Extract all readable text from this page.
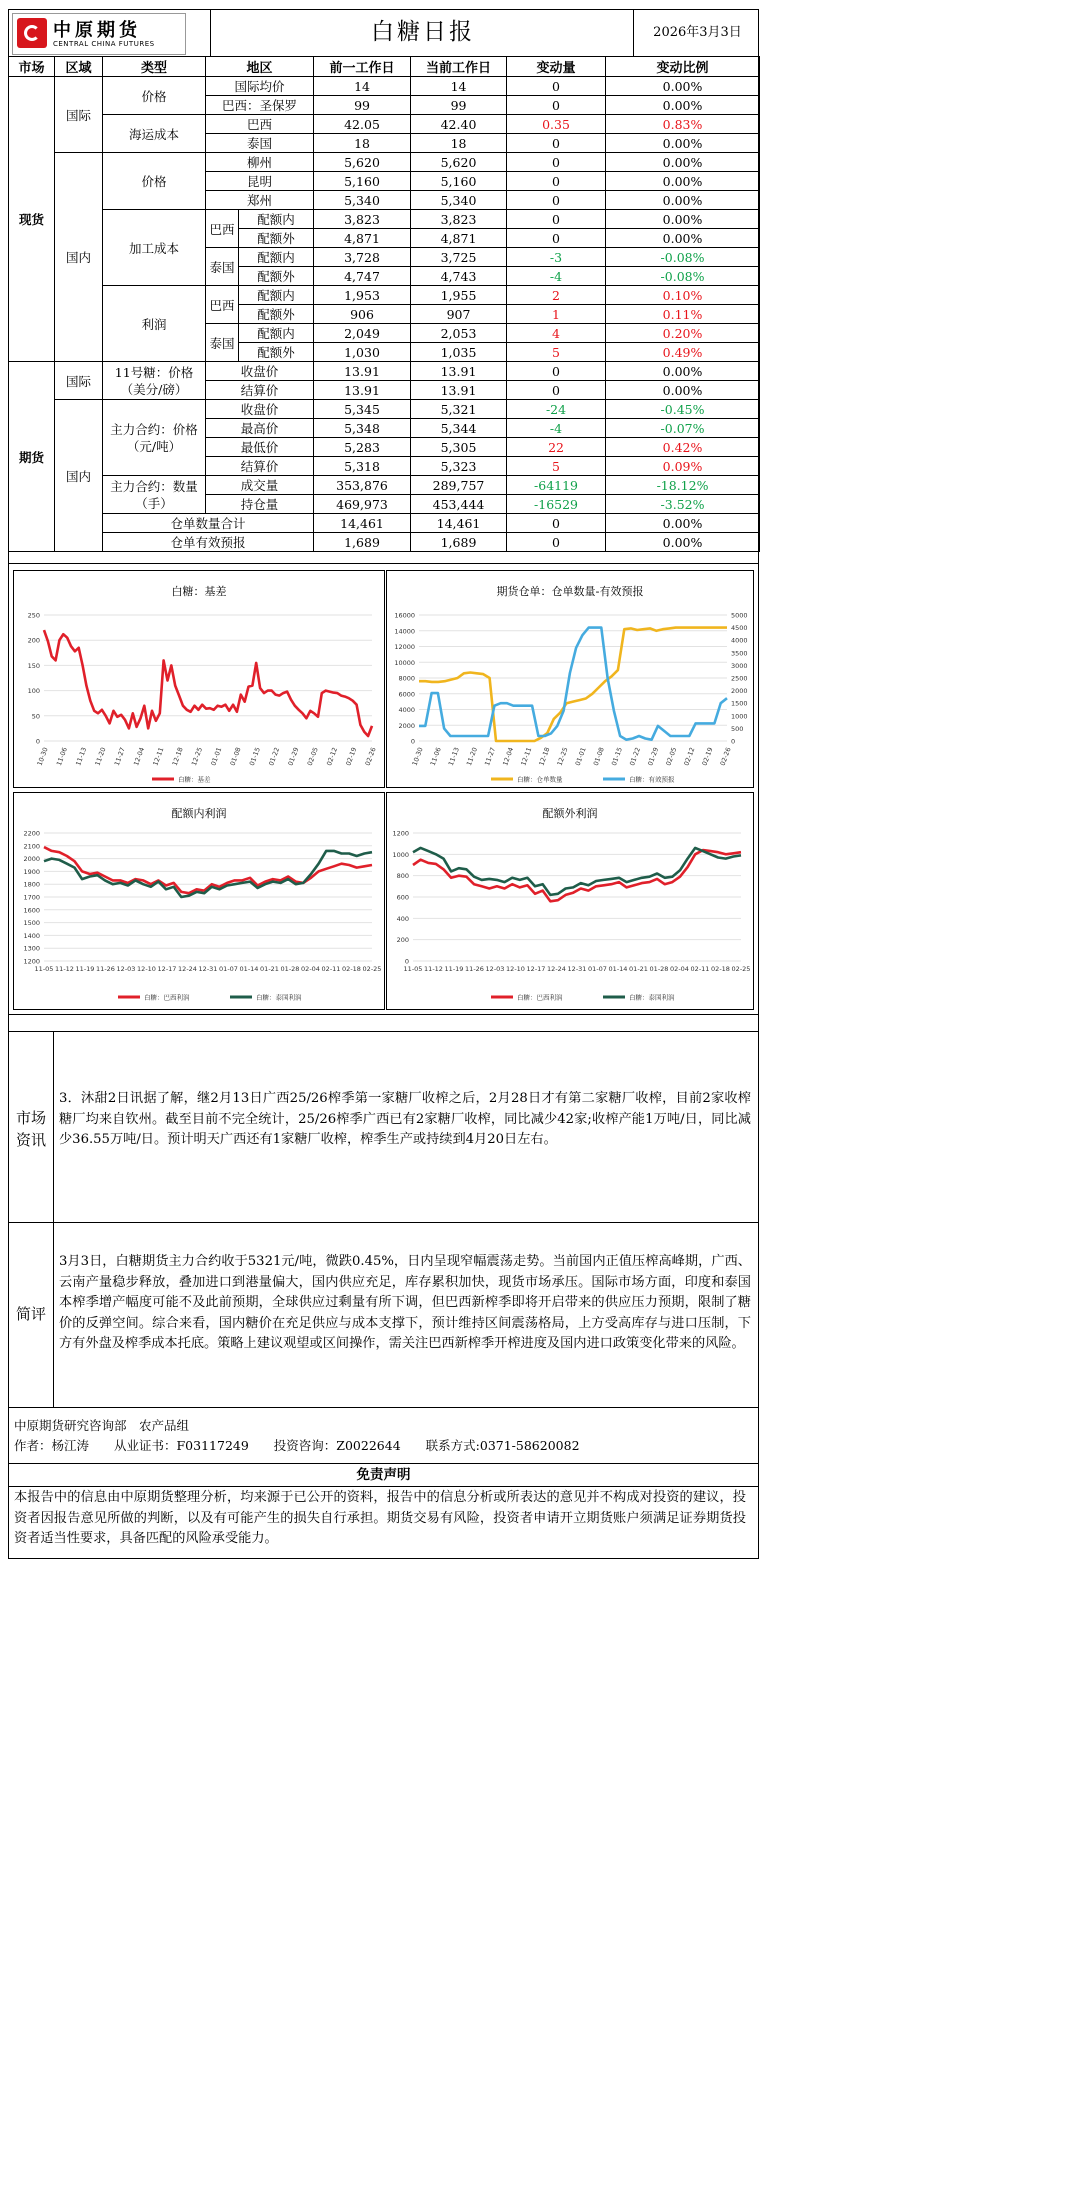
中原期货
CENTRAL CHINA FUTURES	白糖日报	2026年3月3日
市场	区域	类型	地区		前一工作日	当前工作日	变动量	变动比例
现货	国际	价格	国际均价		14	14	0	0.00%
			巴西：圣保罗		99	99	0	0.00%
		海运成本	巴西		42.05	42.40	0.35	0.83%
			泰国		18	18	0	0.00%
	国内	价格	柳州		5,620	5,620	0	0.00%
			昆明		5,160	5,160	0	0.00%
			郑州		5,340	5,340	0	0.00%
		加工成本	巴西	配额内	3,823	3,823	0	0.00%
				配额外	4,871	4,871	0	0.00%
			泰国	配额内	3,728	3,725	-3	-0.08%
				配额外	4,747	4,743	-4	-0.08%
		利润	巴西	配额内	1,953	1,955	2	0.10%
				配额外	906	907	1	0.11%
			泰国	配额内	2,049	2,053	4	0.20%
				配额外	1,030	1,035	5	0.49%
期货	国际	11号糖：价格（美分/磅）	收盘价		13.91	13.91	0	0.00%
			结算价		13.91	13.91	0	0.00%
	国内	主力合约：价格（元/吨）	收盘价		5,345	5,321	-24	-0.45%
			最高价		5,348	5,344	-4	-0.07%
			最低价		5,283	5,305	22	0.42%
			结算价		5,318	5,323	5	0.09%
		主力合约：数量（手）	成交量		353,876	289,757	-64119	-18.12%
			持仓量		469,973	453,444	-16529	-3.52%
		仓单数量合计			14,461	14,461	0	0.00%
		仓单有效预报			1,689	1,689	0	0.00%
白糖：基差
0
50
100
150
200
250
10-30 11-06 11-13 11-20 11-27 12-04 12-11 12-18 12-25 01-01 01-08 01-15 01-22 01-29 02-05 02-12 02-19 02-26
白糖：基差
期货仓单：仓单数量-有效预报
0
2000
4000
6000
8000
10000
12000
14000
16000
0
500
1000
1500
2000
2500
3000
3500
4000
4500
5000
10-30 11-06 11-13 11-20 11-27 12-04 12-11 12-18 12-25 01-01 01-08 01-15 01-22 01-29 02-05 02-12 02-19 02-26
白糖：仓单数量	白糖：有效预报
配额内利润
1200
1300
1400
1500
1600
1700
1800
1900
2000
2100
2200
11-05 11-12 11-19 11-26 12-03 12-10 12-17 12-24 12-31 01-07 01-14 01-21 01-28 02-04 02-11 02-18 02-25
白糖：巴西利润	白糖：泰国利润
配额外利润
0
200
400
600
800
1000
1200
11-05 11-12 11-19 11-26 12-03 12-10 12-17 12-24 12-31 01-07 01-14 01-21 01-28 02-04 02-11 02-18 02-25
白糖：巴西利润	白糖：泰国利润
市场
资讯
3．沐甜2日讯据了解，继2月13日广西25/26榨季第一家糖厂收榨之后，2月28日才有第二家糖厂收榨，目前2家收榨糖厂均来自钦州。截至目前不完全统计，25/26榨季广西已有2家糖厂收榨，同比减少42家;收榨产能1万吨/日，同比减少36.55万吨/日。预计明天广西还有1家糖厂收榨，榨季生产或持续到4月20日左右。
简评
3月3日，白糖期货主力合约收于5321元/吨，微跌0.45%，日内呈现窄幅震荡走势。当前国内正值压榨高峰期，广西、云南产量稳步释放，叠加进口到港量偏大，国内供应充足，库存累积加快，现货市场承压。国际市场方面，印度和泰国本榨季增产幅度可能不及此前预期，全球供应过剩量有所下调，但巴西新榨季即将开启带来的供应压力预期，限制了糖价的反弹空间。综合来看，国内糖价在充足供应与成本支撑下，预计维持区间震荡格局，上方受高库存与进口压制，下方有外盘及榨季成本托底。策略上建议观望或区间操作，需关注巴西新榨季开榨进度及国内进口政策变化带来的风险。
中原期货研究咨询部　农产品组
作者：杨江涛　　从业证书：F03117249　　投资咨询：Z0022644　　联系方式:0371-58620082
免责声明
本报告中的信息由中原期货整理分析，均来源于已公开的资料，报告中的信息分析或所表达的意见并不构成对投资的建议，投资者因报告意见所做的判断，以及有可能产生的损失自行承担。期货交易有风险，投资者申请开立期货账户须满足证券期货投资者适当性要求，具备匹配的风险承受能力。
